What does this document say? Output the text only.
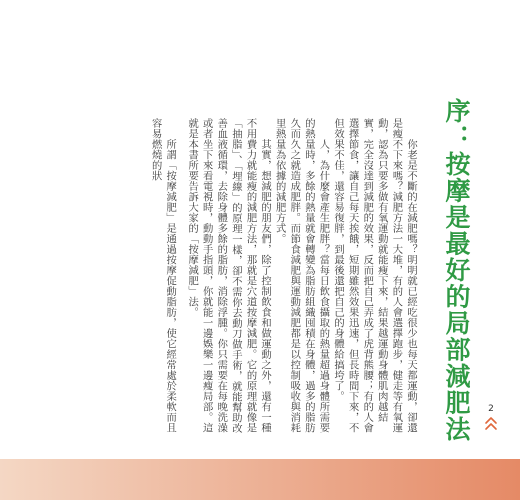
序：按摩是最好的局部減肥法

你老是不斷的在減肥嗎？明明就已經吃很少也每天都運動，卻還是瘦不下來嗎？減肥方法一大堆，有的人會選擇跑步，健走等有氧運動，認為只要多做有氧運動就能瘦下來，結果越運動身體肌肉越結實，完全沒達到減肥的效果，反而把自己弄成了虎背熊腰；有的人會選擇節食，讓自己每天挨餓，短期雖然效果迅速，但長時間下來，不但效果不佳，還容易復胖，到最後還把自己的身體給搞垮了。

人，為什麼會產生肥胖？當每日飲食攝取的熱量超過身體所需要的熱量時，多餘的熱量就會轉變為脂肪組織囤積在身體，過多的脂肪久而久之就造成肥胖。而節食減肥與運動減肥都是以控制吸收與消耗里熱量為依據的減肥方式。

其實，想減肥的朋友們，除了控制飲食和做運動之外，還有一種不用費力就能瘦的減肥方法，那就是穴道按摩減肥。它的原理就像是「抽脂」、「埋線」的原理一樣，卻不需你去動刀做手術，就能幫助改善血液循環，去除身體多餘的脂肪，消除浮腫。你只需要在每晚洗澡或者坐下來看電視時，動動手指頭，你就能一邊娛樂一邊瘦局部。這就是本書所要告訴大家的「按摩減肥」法。

所謂「按摩減肥」是通過按摩促動脂肪，使它經常處於柔軟而且容易燃燒的狀

2
